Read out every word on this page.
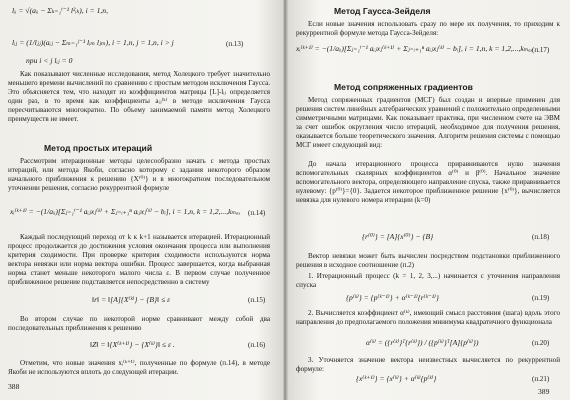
lᵢᵢ = √(aᵢᵢ − Σₖ₌₁ⁱ⁻¹ l²ᵢₖ), i = 1,n,
lᵢⱼ = (1/lⱼⱼ)(aᵢⱼ − Σₘ₌₁ʲ⁻¹ lᵢₘ lⱼₘ), i = 1,n, j = 1,n, i > j
при i < j lᵢⱼ = 0
(п.13)

Как показывают численные исследования, метод Холецкого требует значительно меньшего времени вычислений по сравнению с простым методом исключения Гаусса. Это объясняется тем, что находят из коэффициентов матрицы [L]-lᵢⱼ определяется один раз, в то время как коэффициенты aᵢⱼ⁽ᵏ⁾ в методе исключения Гаусса пересчитываются многократно. По объему занимаемой памяти метод Холецкого преимуществ не имеет.

Метод простых итераций

Рассмотрим итерационные методы целесообразно начать с метода простых итераций, или метода Якоби, согласно которому с задания некоторого образом начального приближения к решению {X⁽⁰⁾} и в многократном последовательном уточнении решения, согласно рекуррентной формуле

xᵢ⁽ᵏ⁺¹⁾ = −(1/aᵢᵢ)[Σⱼ₌₁ⁱ⁻¹ aᵢⱼxⱼ⁽ᵏ⁾ + Σⱼ₌ᵢ₊₁ⁿ aᵢⱼxⱼ⁽ᵏ⁾ − bᵢ], i = 1,n, k = 1,2,...,kₘₐₓ (п.14)

Каждый последующий переход от k к k+1 называется итерацией. Итерационный процесс продолжается до достижения условия окончания процесса или выполнения критерия сходимости. При проверке критерия сходимости используются норма вектора невязки или норма вектора ошибки. Процесс завершается, когда выбранная норма станет меньше некоторого малого числа ε. В первом случае полученное приближенное решение подставляется непосредственно в систему

‖r‖ = ‖[A]{X⁽ᵏ⁾} − {B}‖ ≤ ε	(п.15)

Во втором случае по некоторой норме сравнивают между собой два последовательных приближения к решению

‖Z‖ = ‖{X⁽ᵏ⁺¹⁾} − {X⁽ᵏ⁾}‖ ≤ ε .	(п.16)

Отметим, что новые значения xᵢ⁽ᵏ⁺¹⁾, полученные по формуле (п.14), в методе Якоби не используются вплоть до следующей итерации.

388

Метод Гаусса-Зейделя

Если новые значения использовать сразу по мере их получения, то приходим к рекуррентной формуле метода Гаусса-Зейделя:

xᵢ⁽ᵏ⁺¹⁾ = −(1/aᵢᵢ)[Σⱼ₌₁ⁱ⁻¹ aᵢⱼxⱼ⁽ᵏ⁺¹⁾ + Σⱼ₌ᵢ₊₁ⁿ aᵢⱼxⱼ⁽ᵏ⁾ − bᵢ], i = 1,n, k = 1,2,...,kₘₐₓ (п.17)

Метод сопряженных градиентов

Метод сопряженных градиентов (МСГ) был создан и впервые применен для решения систем линейных алгебраических уравнений с положительно определенными симметричными матрицами. Как показывает практика, при численном счете на ЭВМ за счет ошибок округления число итераций, необходимое для получения решения, оказывается больше теоретического значения. Алгоритм решения системы с помощью МСГ имеет следующий вид:

До начала итерационного процесса приравниваются нулю значения вспомогательных скалярных коэффициентов α⁽⁰⁾ и β⁽⁰⁾. Начальное значение вспомогательного вектора, определяющего направление спуска, также приравнивается нулевому: {p⁽⁰⁾}={0}. Задается некоторое приближенное решение {x⁽⁰⁾}, вычисляется невязка для нулевого номера итерации (k=0)

{r⁽⁰⁾} = [A]{x⁽⁰⁾} − {B}	(п.18)

Вектор невязки может быть вычислен посредством подстановки приближенного решения в исходное соотношение (п.2)

1. Итерационный процесс (k = 1, 2, 3,...) начинается с уточнения направления спуска

{p⁽ᵏ⁾} = {p⁽ᵏ⁻¹⁾} + α⁽ᵏ⁻¹⁾{r⁽ᵏ⁻¹⁾}	(п.19)

2. Вычисляется коэффициент α⁽ᵏ⁾, имеющий смысл расстояния (шага) вдоль этого направления до предполагаемого положения минимума квадратичного функционала

α⁽ᵏ⁾ = ({r⁽ᵏ⁾}ᵀ{r⁽ᵏ⁾}) / ({p⁽ᵏ⁾}ᵀ[A]{p⁽ᵏ⁾})	(п.20)

3. Уточняется значение вектора неизвестных вычисляется по рекуррентной формуле:

{x⁽ᵏ⁺¹⁾} = {x⁽ᵏ⁾} + α⁽ᵏ⁾{p⁽ᵏ⁾}	(п.21)
389
